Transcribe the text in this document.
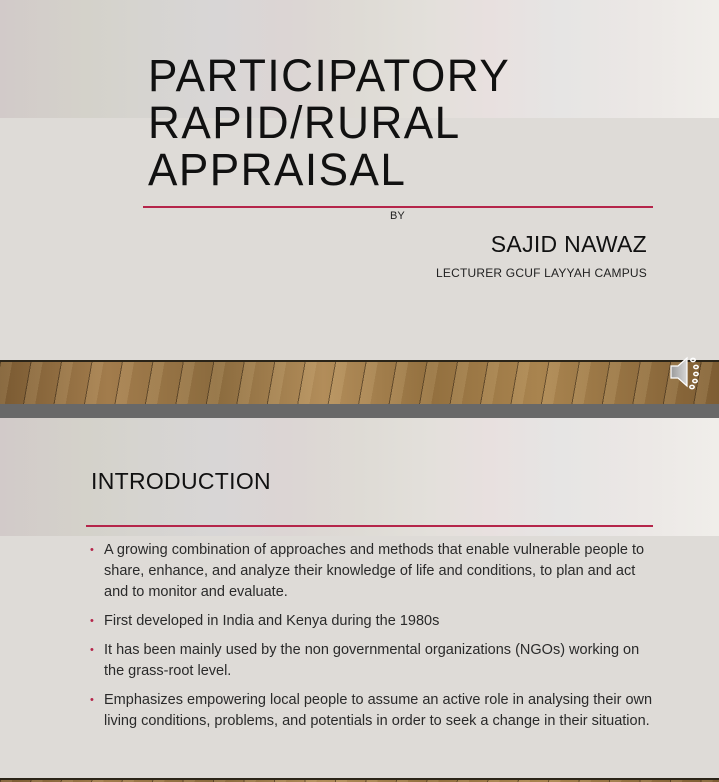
PARTICIPATORY
RAPID/RURAL
APPRAISAL
BY
SAJID NAWAZ
LECTURER GCUF LAYYAH CAMPUS
INTRODUCTION
• A growing combination of approaches and methods that enable vulnerable people to share, enhance, and analyze their knowledge of life and conditions, to plan and act and to monitor and evaluate.
• First developed in India and Kenya during the 1980s
• It has been mainly used by the non governmental organizations (NGOs) working on the grass-root level.
• Emphasizes empowering local people to assume an active role in analysing their own living conditions, problems, and potentials in order to seek a change in their situation.
